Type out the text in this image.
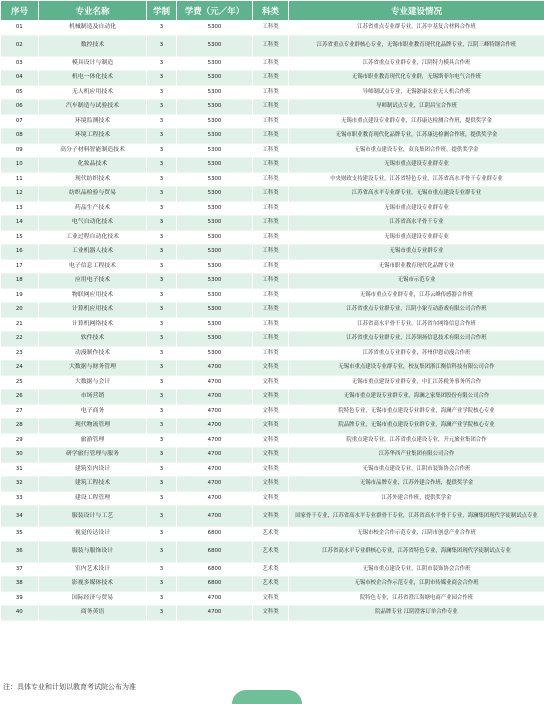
序号	专业名称	学制	学费（元／年）	科类	专业建设情况
01	机械制造及自动化	3	5300	工科类	江苏省重点专业群专业，江苏中基复合材料合作班
02	数控技术	3	5300	工科类	江苏省重点专业群核心专业，无锡市职业教育现代化品牌专业，江阴三峰特钢合作班
03	模具设计与制造	3	5300	工科类	江苏省重点专业群专业，江阴特力模具合作班
04	机电一体化技术	3	5300	工科类	无锡市职业教育现代化专业群，无锡斯菲尔电气合作班
05	无人机应用技术	3	5300	工科类	导师制试点专业，无锡浙康农业无人机合作班
06	汽车制造与试验技术	3	5300	工科类	导师制试点专业，江阴昌宝合作班
07	环境监测技术	3	5300	工科类	无锡市重点建设专业群专业，江苏康达检测合作班，提供奖学金
08	环境工程技术	3	5300	工科类	无锡市职业教育现代化品牌专业，江苏康达检测合作班，提供奖学金
09	高分子材料智能制造技术	3	5300	工科类	无锡市重点建设专业，双良集团合作班，提供奖学金
10	化妆品技术	3	5300	工科类	无锡市重点建设专业群专业
11	现代纺织技术	3	5300	工科类	中央财政支持建设专业，江苏省特色专业，江苏省高水平骨干专业群专业
12	纺织品检验与贸易	3	5300	工科类	江苏省高水平专业群专业，无锡市重点建设专业群专业
13	药品生产技术	3	5300	工科类	无锡市重点建设专业群专业
14	电气自动化技术	3	5300	工科类	江苏省高水平骨干专业
15	工业过程自动化技术	3	5300	工科类	无锡市重点建设专业群专业
16	工业机器人技术	3	5300	工科类	无锡市重点专业群专业
17	电子信息工程技术	3	5300	工科类	无锡市职业教育现代化品牌专业
18	应用电子技术	3	5300	工科类	无锡市示范专业
19	物联网应用技术	3	5300	工科类	无锡市重点专业群专业，江苏云峰传感器合作班
20	计算机应用技术	3	5300	工科类	江苏省重点专业群专业，江阴小象互动游戏有限公司合作班
21	计算机网络技术	3	5300	工科类	江苏省高水平骨干专业，江苏省尔网络信息合作班
22	软件技术	3	5300	工科类	江苏省重点专业群专业，江苏领扬信息技术有限公司合作班
23	动漫制作技术	3	5300	工科类	江苏省重点专业群专业，苏州伊恩动漫合作班
24	大数据与财务管理	3	4700	文科类	无锡市重点建设专业群专业，校友集团浙江衡信科技有限公司合作
25	大数据与会计	3	4700	文科类	无锡市重点建设专业群专业，中汇江苏税务事务所合作
26	市场营销	3	4700	文科类	无锡市重点建设专业群专业，海澜之家集团股份有限公司合作
27	电子商务	3	4700	文科类	院特色专业，无锡市重点建设专业群专业，海澜产业学院核心专业
28	现代物流管理	3	4700	文科类	院品牌专业，无锡市重点建设专业群专业，海澜产业学院核心专业
29	旅游管理	3	4700	文科类	院重点建设专业，江苏省重点建设专业，开元旅业集团合作
30	研学旅行管理与服务	3	4700	文科类	江苏华西产业集团有限公司合作
31	建筑室内设计	3	4700	文科类	无锡市重点建设专业，江阴市装饰协会合作班
32	建筑工程技术	3	4700	文科类	无锡市品牌专业，江苏外建合作班，提供奖学金
33	建设工程管理	3	4700	文科类	江苏外建合作班，提供奖学金
34	服装设计与工艺	3	4700	文科类	国家骨干专业，江苏省高水平专业群骨干专业，江苏省高水平骨干专业，海澜集团现代学徒制试点专业
35	视觉传达设计	3	6800	艺术类	无锡市校企合作示范专业，江阴市创意产业合作班
36	服装与服饰设计	3	6800	艺术类	江苏省高水平专业群核心专业，江苏省特色专业，海澜集团现代学徒制试点专业
37	室内艺术设计	3	6800	艺术类	无锡市重点建设专业，江阴市装饰协会合作班
38	影视多媒体技术	3	6800	艺术类	无锡市校企合作示范专业，江阴市传媒业商会合作班
39	国际经济与贸易	3	4700	文科类	院特色专业，江苏省澄江海塘电商产业园合作班
40	商务英语	3	4700	文科类	院品牌专业 江阴澄客订单合作专业
注：具体专业和计划以教育考试院公布为准
